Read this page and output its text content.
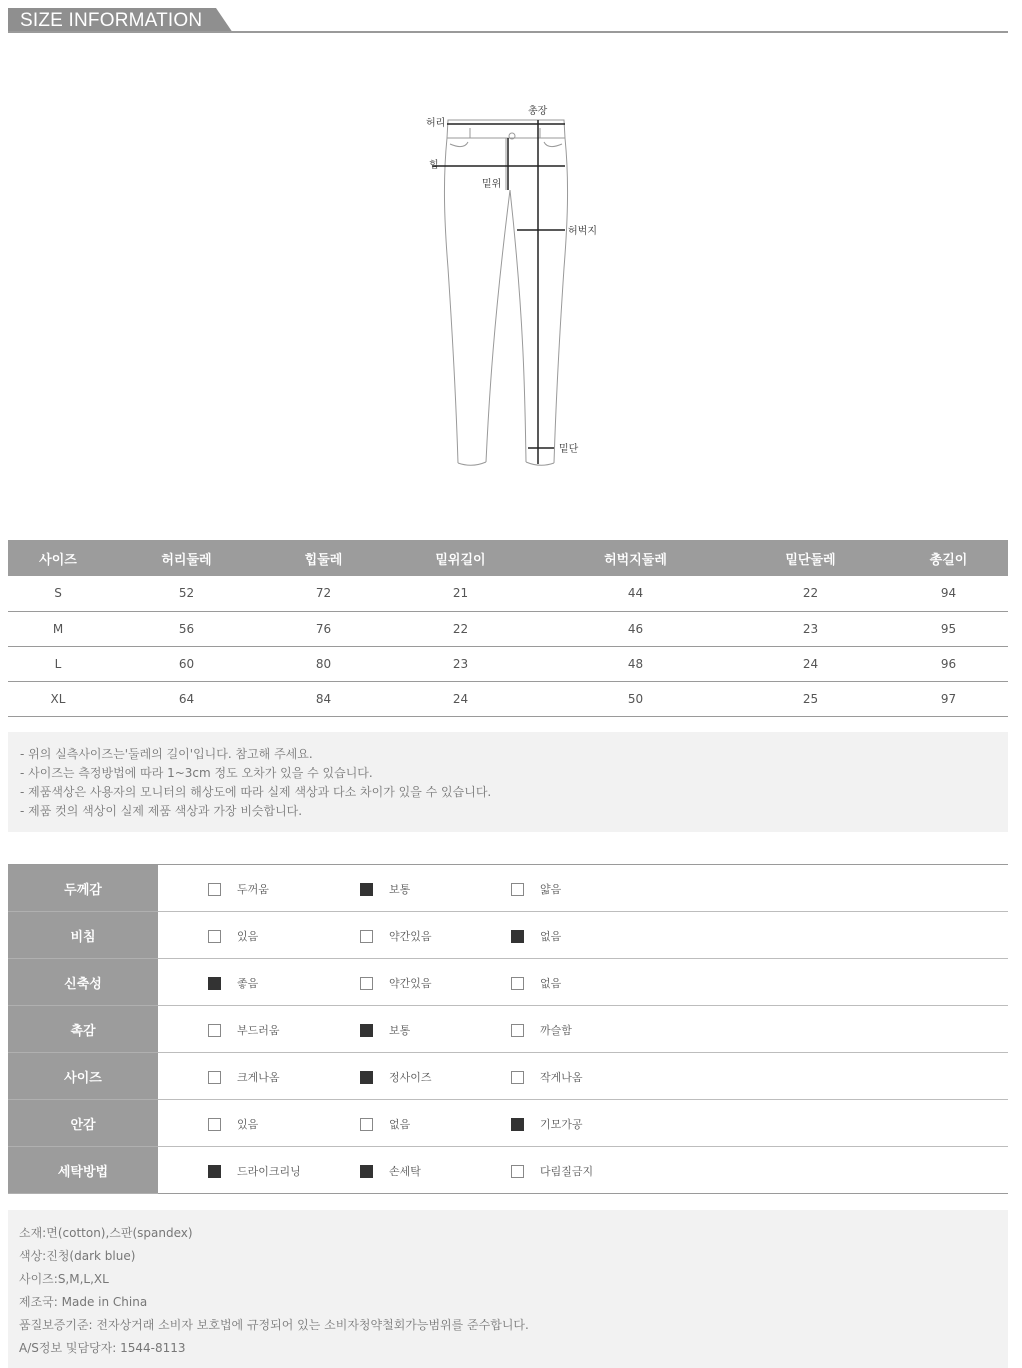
SIZE INFORMATION
허리
총장
힙
밑위
허벅지
밑단
사이즈	허리둘레	힙둘레	밑위길이	허벅지둘레	밑단둘레	총길이
S	52	72	21	44	22	94
M	56	76	22	46	23	95
L	60	80	23	48	24	96
XL	64	84	24	50	25	97

- 위의 실측사이즈는'둘레의 길이'입니다. 참고해 주세요.

- 사이즈는 측정방법에 따라 1~3cm 정도 오차가 있을 수 있습니다.

- 제품색상은 사용자의 모니터의 해상도에 따라 실제 색상과 다소 차이가 있을 수 있습니다.

- 제품 컷의 색상이 실제 제품 색상과 가장 비슷합니다.

두께감	두꺼움 보통 얇음

비침	있음 약간있음 없음

신축성	좋음 약간있음 없음

촉감	부드러움 보통 까슬함

사이즈	크게나옴 정사이즈 작게나옴

안감	있음 없음 기모가공

세탁방법	드라이크리닝 손세탁 다림질금지

소재:면(cotton),스판(spandex)

색상:진청(dark blue)

사이즈:S,M,L,XL

제조국: Made in China

품질보증기준: 전자상거래 소비자 보호법에 규정되어 있는 소비자청약철회가능범위를 준수합니다.

A/S정보 및담당자: 1544-8113
